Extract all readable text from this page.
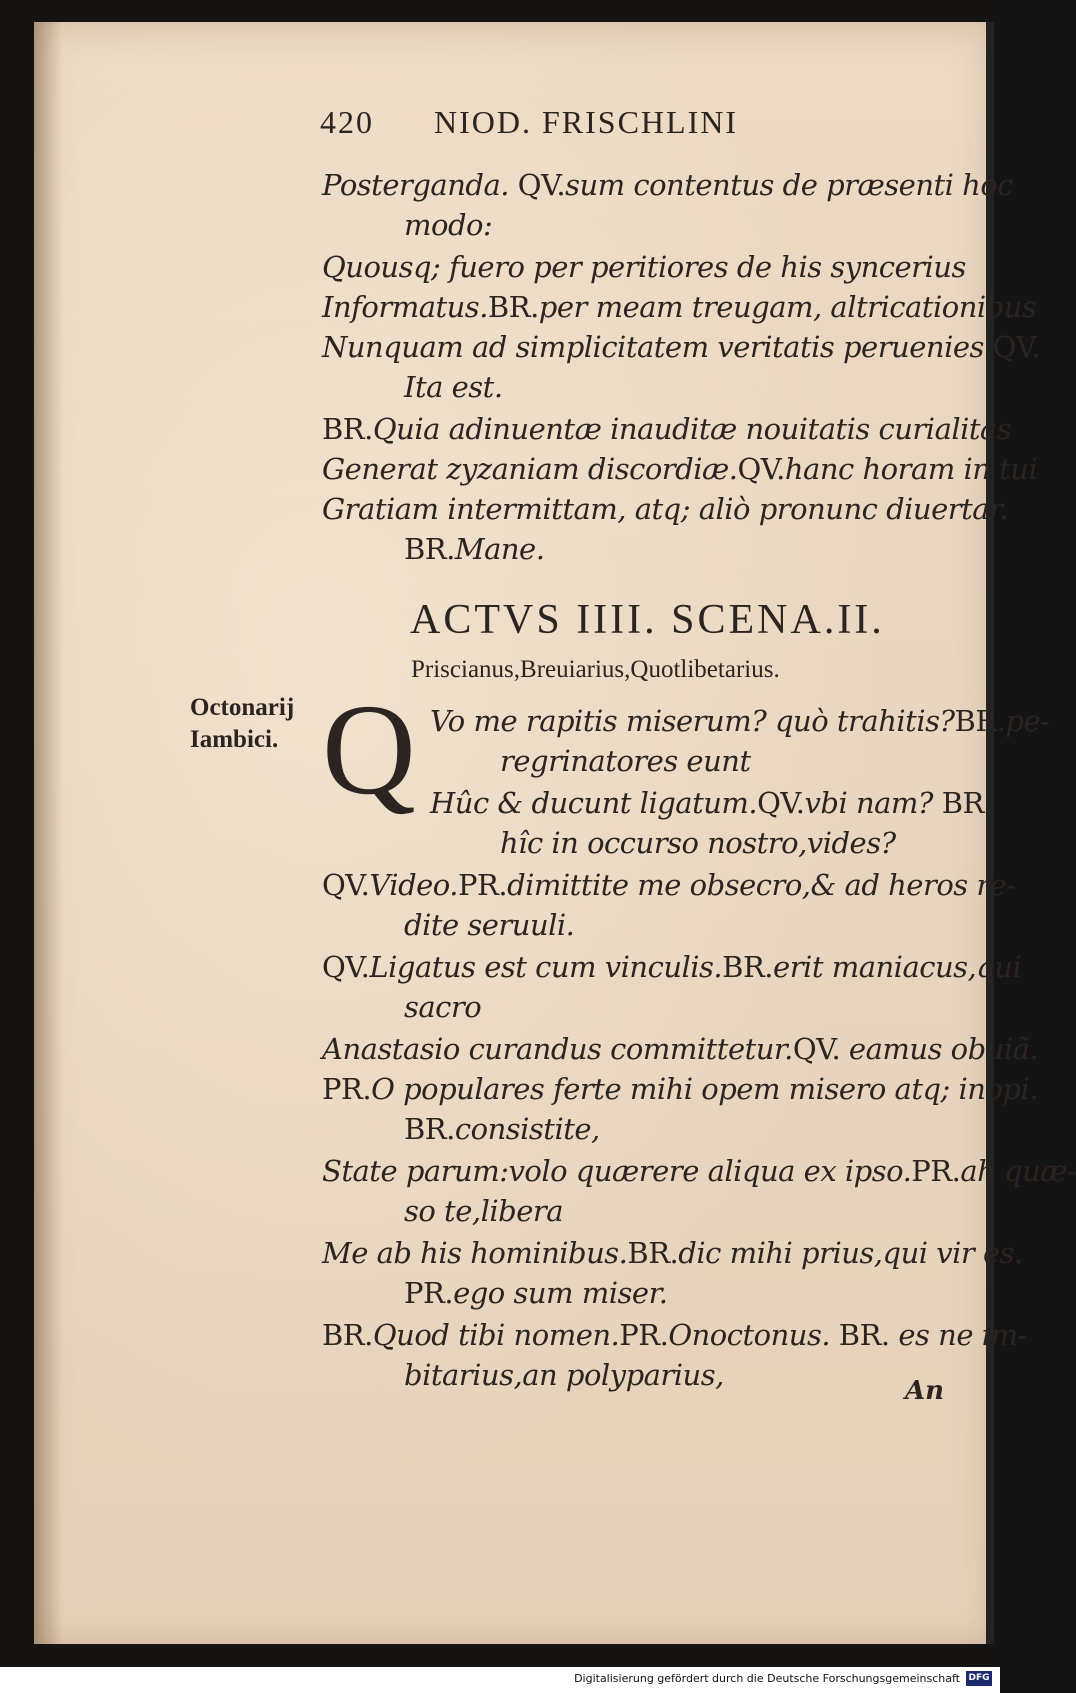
420 NIOD. FRISCHLINI
ACTVS IIII. SCENA.II.
Priscianus,Breuiarius,Quotlibetarius.
Octonarij
Iambici. Q
An
Posterganda. QV.sum contentus de præsenti hoc
modo:
Quousq; fuero per peritiores de his syncerius
Informatus.BR.per meam treugam, altricationibus
Nunquam ad simplicitatem veritatis peruenies.QV.
Ita est.
BR.Quia adinuentæ inauditæ nouitatis curialitas
Generat zyzaniam discordiæ.QV.hanc horam in tui
Gratiam intermittam, atq; aliò pronunc diuertar.
BR.Mane.
Vo me rapitis miserum? quò trahitis?BR.pe-
regrinatores eunt
Hûc & ducunt ligatum.QV.vbi nam? BR.
hîc in occurso nostro,vides?
QV.Video.PR.dimittite me obsecro,& ad heros re-
dite seruuli.
QV.Ligatus est cum vinculis.BR.erit maniacus,qui
sacro
Anastasio curandus committetur.QV. eamus obuiã.
PR.O populares ferte mihi opem misero atq; inopi.
BR.consistite,
State parum:volo quærere aliqua ex ipso.PR.ah quæ-
so te,libera
Me ab his hominibus.BR.dic mihi prius,qui vir es.
PR.ego sum miser.
BR.Quod tibi nomen.PR.Onoctonus. BR. es ne im-
bitarius,an polyparius,
Digitalisierung gefördert durch die Deutsche Forschungsgemeinschaft DFG
